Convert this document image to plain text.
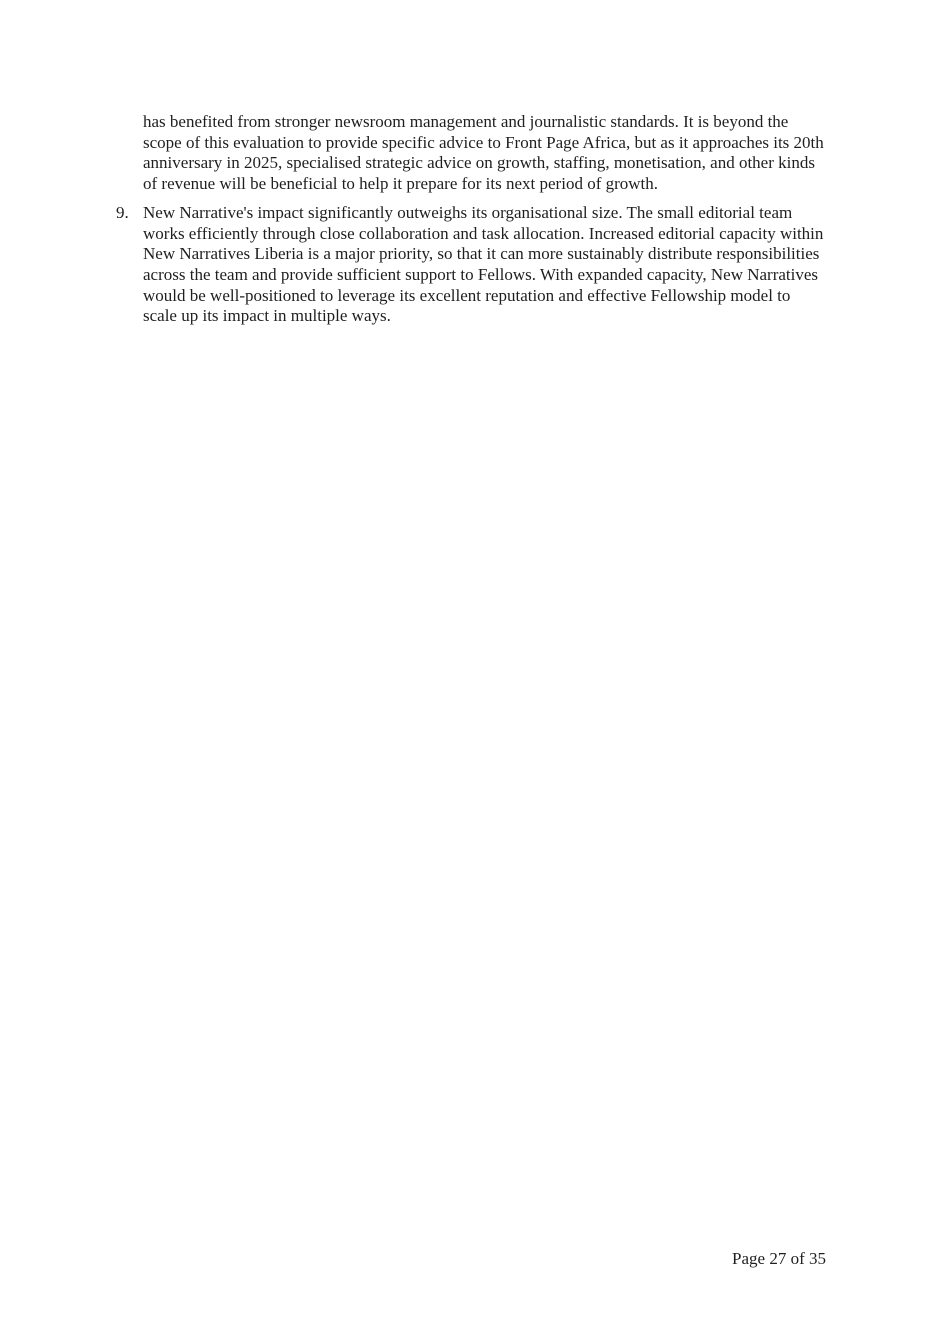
has benefited from stronger newsroom management and journalistic standards. It is beyond the scope of this evaluation to provide specific advice to Front Page Africa, but as it approaches its 20th anniversary in 2025, specialised strategic advice on growth, staffing, monetisation, and other kinds of revenue will be beneficial to help it prepare for its next period of growth.

9. New Narrative's impact significantly outweighs its organisational size. The small editorial team works efficiently through close collaboration and task allocation. Increased editorial capacity within New Narratives Liberia is a major priority, so that it can more sustainably distribute responsibilities across the team and provide sufficient support to Fellows. With expanded capacity, New Narratives would be well-positioned to leverage its excellent reputation and effective Fellowship model to scale up its impact in multiple ways.

Page 27 of 35
